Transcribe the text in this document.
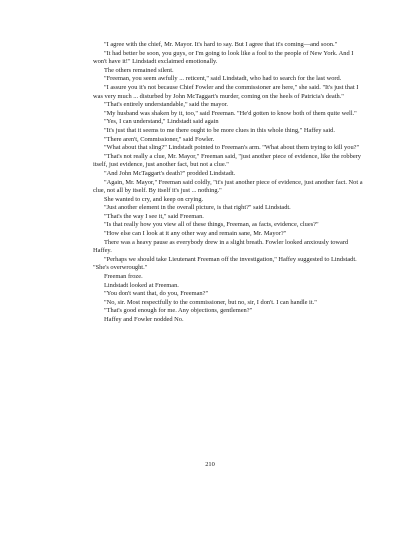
"I agree with the chief, Mr. Mayor. It's hard to say. But I agree that it's coming—and soon."

"It had better be soon, you guys, or I'm going to look like a fool to the people of New York. And I won't have it!" Lindstadt exclaimed emotionally.

The others remained silent.

"Freeman, you seem awfully ... reticent," said Lindstadt, who had to search for the last word.

"I assure you it's not because Chief Fowler and the commissioner are here," she said. "It's just that I was very much ... disturbed by John McTaggart's murder, coming on the heels of Patricia's death."

"That's entirely understandable," said the mayor.

"My husband was shaken by it, too," said Freeman. "He'd gotten to know both of them quite well."

"Yes, I can understand," Lindstadt said again

"It's just that it seems to me there ought to be more clues in this whole thing," Haffey said.

"There aren't, Commissioner," said Fowler.

"What about that sling?" Lindstadt pointed to Freeman's arm. "What about them trying to kill you?"

"That's not really a clue, Mr. Mayor," Freeman said, "just another piece of evidence, like the robbery itself, just evidence, just another fact, but not a clue."

"And John McTaggart's death?" prodded Lindstadt.

"Again, Mr. Mayor," Freeman said coldly, "it's just another piece of evidence, just another fact. Not a clue, not all by itself. By itself it's just ... nothing."

She wanted to cry, and keep on crying.

"Just another element in the overall picture, is that right?" said Lindstadt.

"That's the way I see it," said Freeman.

"Is that really how you view all of these things, Freeman, as facts, evidence, clues?"

"How else can I look at it any other way and remain sane, Mr. Mayor?"

There was a heavy pause as everybody drew in a slight breath. Fowler looked anxiously toward Haffey.

"Perhaps we should take Lieutenant Freeman off the investigation," Haffey suggested to Lindstadt. "She's overwrought."

Freeman froze.

Lindstadt looked at Freeman.

"You don't want that, do you, Freeman?"

"No, sir. Most respectfully to the commissioner, but no, sir, I don't. I can handle it."

"That's good enough for me. Any objections, gentlemen?"

Haffey and Fowler nodded No.

210
